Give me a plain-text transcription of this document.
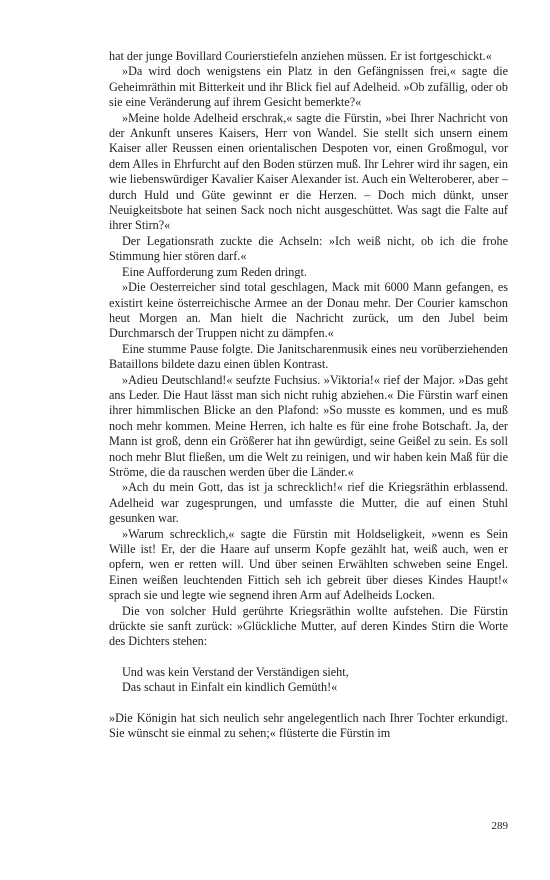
hat der junge Bovillard Courierstiefeln anziehen müssen. Er ist fortgeschickt.«

»Da wird doch wenigstens ein Platz in den Gefängnissen frei,« sagte die Geheimräthin mit Bitterkeit und ihr Blick fiel auf Adelheid. »Ob zufällig, oder ob sie eine Veränderung auf ihrem Gesicht bemerkte?«

»Meine holde Adelheid erschrak,« sagte die Fürstin, »bei Ihrer Nachricht von der Ankunft unseres Kaisers, Herr von Wandel. Sie stellt sich unsern einem Kaiser aller Reussen einen orientalischen Despoten vor, einen Großmogul, vor dem Alles in Ehrfurcht auf den Boden stürzen muß. Ihr Lehrer wird ihr sagen, ein wie liebenswürdiger Kavalier Kaiser Alexander ist. Auch ein Welteroberer, aber – durch Huld und Güte gewinnt er die Herzen. – Doch mich dünkt, unser Neuigkeitsbote hat seinen Sack noch nicht ausgeschüttet. Was sagt die Falte auf ihrer Stirn?«

Der Legationsrath zuckte die Achseln: »Ich weiß nicht, ob ich die frohe Stimmung hier stören darf.«

Eine Aufforderung zum Reden dringt.

»Die Oesterreicher sind total geschlagen, Mack mit 6000 Mann gefangen, es existirt keine österreichische Armee an der Donau mehr. Der Courier kamschon heut Morgen an. Man hielt die Nachricht zurück, um den Jubel beim Durchmarsch der Truppen nicht zu dämpfen.«

Eine stumme Pause folgte. Die Janitscharenmusik eines neu vorüberziehenden Bataillons bildete dazu einen üblen Kontrast.

»Adieu Deutschland!« seufzte Fuchsius. »Viktoria!« rief der Major. »Das geht ans Leder. Die Haut lässt man sich nicht ruhig abziehen.« Die Fürstin warf einen ihrer himmlischen Blicke an den Plafond: »So musste es kommen, und es muß noch mehr kommen. Meine Herren, ich halte es für eine frohe Botschaft. Ja, der Mann ist groß, denn ein Größerer hat ihn gewürdigt, seine Geißel zu sein. Es soll noch mehr Blut fließen, um die Welt zu reinigen, und wir haben kein Maß für die Ströme, die da rauschen werden über die Länder.«

»Ach du mein Gott, das ist ja schrecklich!« rief die Kriegsräthin erblassend. Adelheid war zugesprungen, und umfasste die Mutter, die auf einen Stuhl gesunken war.

»Warum schrecklich,« sagte die Fürstin mit Holdseligkeit, »wenn es Sein Wille ist! Er, der die Haare auf unserm Kopfe gezählt hat, weiß auch, wen er opfern, wen er retten will. Und über seinen Erwählten schweben seine Engel. Einen weißen leuchtenden Fittich seh ich gebreit über dieses Kindes Haupt!« sprach sie und legte wie segnend ihren Arm auf Adelheids Locken.

Die von solcher Huld gerührte Kriegsräthin wollte aufstehen. Die Fürstin drückte sie sanft zurück: »Glückliche Mutter, auf deren Kindes Stirn die Worte des Dichters stehen:

Und was kein Verstand der Verständigen sieht,
Das schaut in Einfalt ein kindlich Gemüth!«

»Die Königin hat sich neulich sehr angelegentlich nach Ihrer Tochter erkundigt. Sie wünscht sie einmal zu sehen;« flüsterte die Fürstin im

289
